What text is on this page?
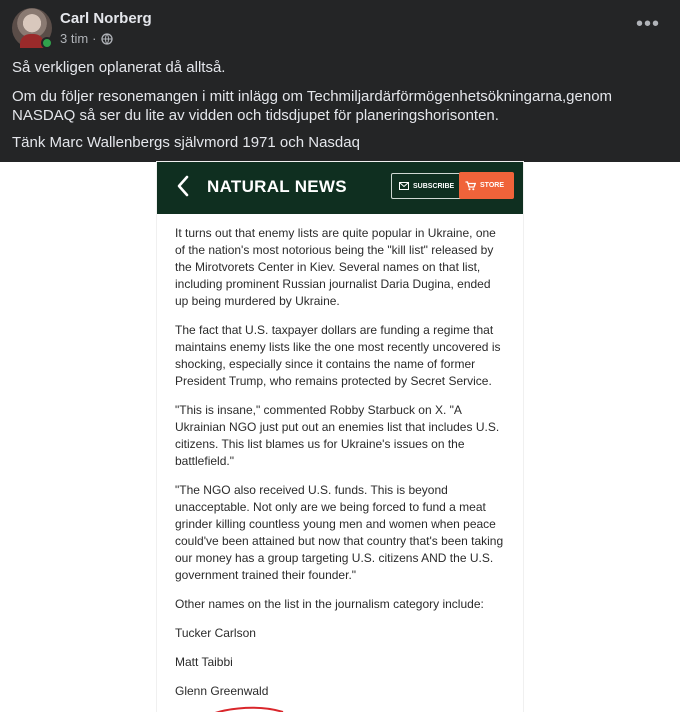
Carl Norberg
3 tim ·
•••
Så verkligen oplanerat då alltså.
Om du följer resonemangen i mitt inlägg om Techmiljardärförmögenhetsökningarna,genom NASDAQ så ser du lite av vidden och tidsdjupet för planeringshorisonten.
Tänk Marc Wallenbergs självmord 1971 och Nasdaq
NATURAL NEWS	SUBSCRIBE	STORE

It turns out that enemy lists are quite popular in Ukraine, one of the nation's most notorious being the "kill list" released by the Mirotvorets Center in Kiev. Several names on that list, including prominent Russian journalist Daria Dugina, ended up being murdered by Ukraine.

The fact that U.S. taxpayer dollars are funding a regime that maintains enemy lists like the one most recently uncovered is shocking, especially since it contains the name of former President Trump, who remains protected by Secret Service.

"This is insane," commented Robby Starbuck on X. "A Ukrainian NGO just put out an enemies list that includes U.S. citizens. This list blames us for Ukraine's issues on the battlefield."

"The NGO also received U.S. funds. This is beyond unacceptable. Not only are we being forced to fund a meat grinder killing countless young men and women when peace could've been attained but now that country that's been taking our money has a group targeting U.S. citizens AND the U.S. government trained their founder."

Other names on the list in the journalism category include:

Tucker Carlson

Matt Taibbi

Glenn Greenwald
